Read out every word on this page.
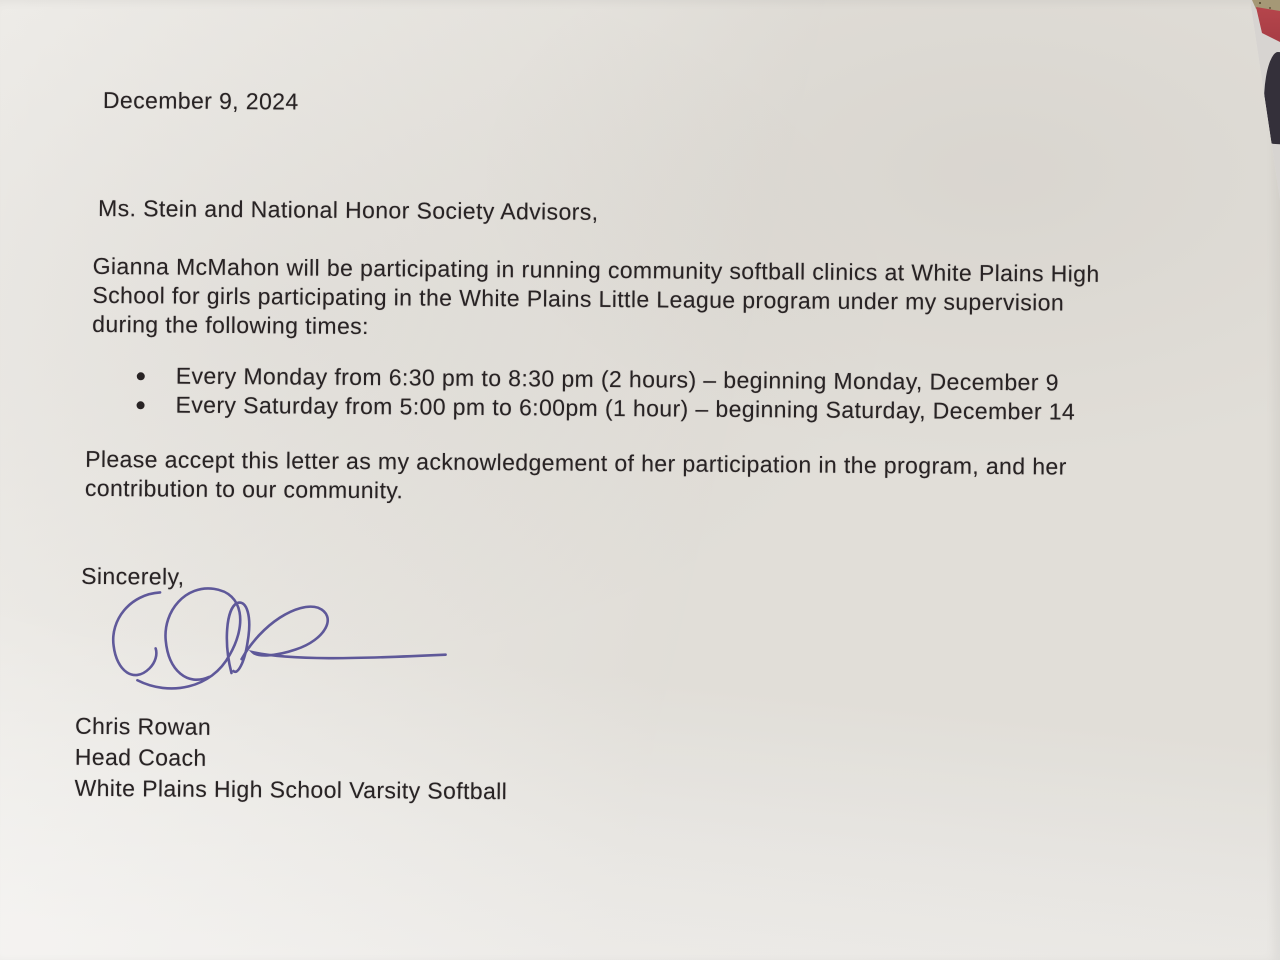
December 9, 2024
Ms. Stein and National Honor Society Advisors,
Gianna McMahon will be participating in running community softball clinics at White Plains High
School for girls participating in the White Plains Little League program under my supervision
during the following times:
Every Monday from 6:30 pm to 8:30 pm (2 hours) – beginning Monday, December 9
Every Saturday from 5:00 pm to 6:00pm (1 hour) – beginning Saturday, December 14
Please accept this letter as my acknowledgement of her participation in the program, and her
contribution to our community.
Sincerely,
Chris Rowan
Head Coach
White Plains High School Varsity Softball
